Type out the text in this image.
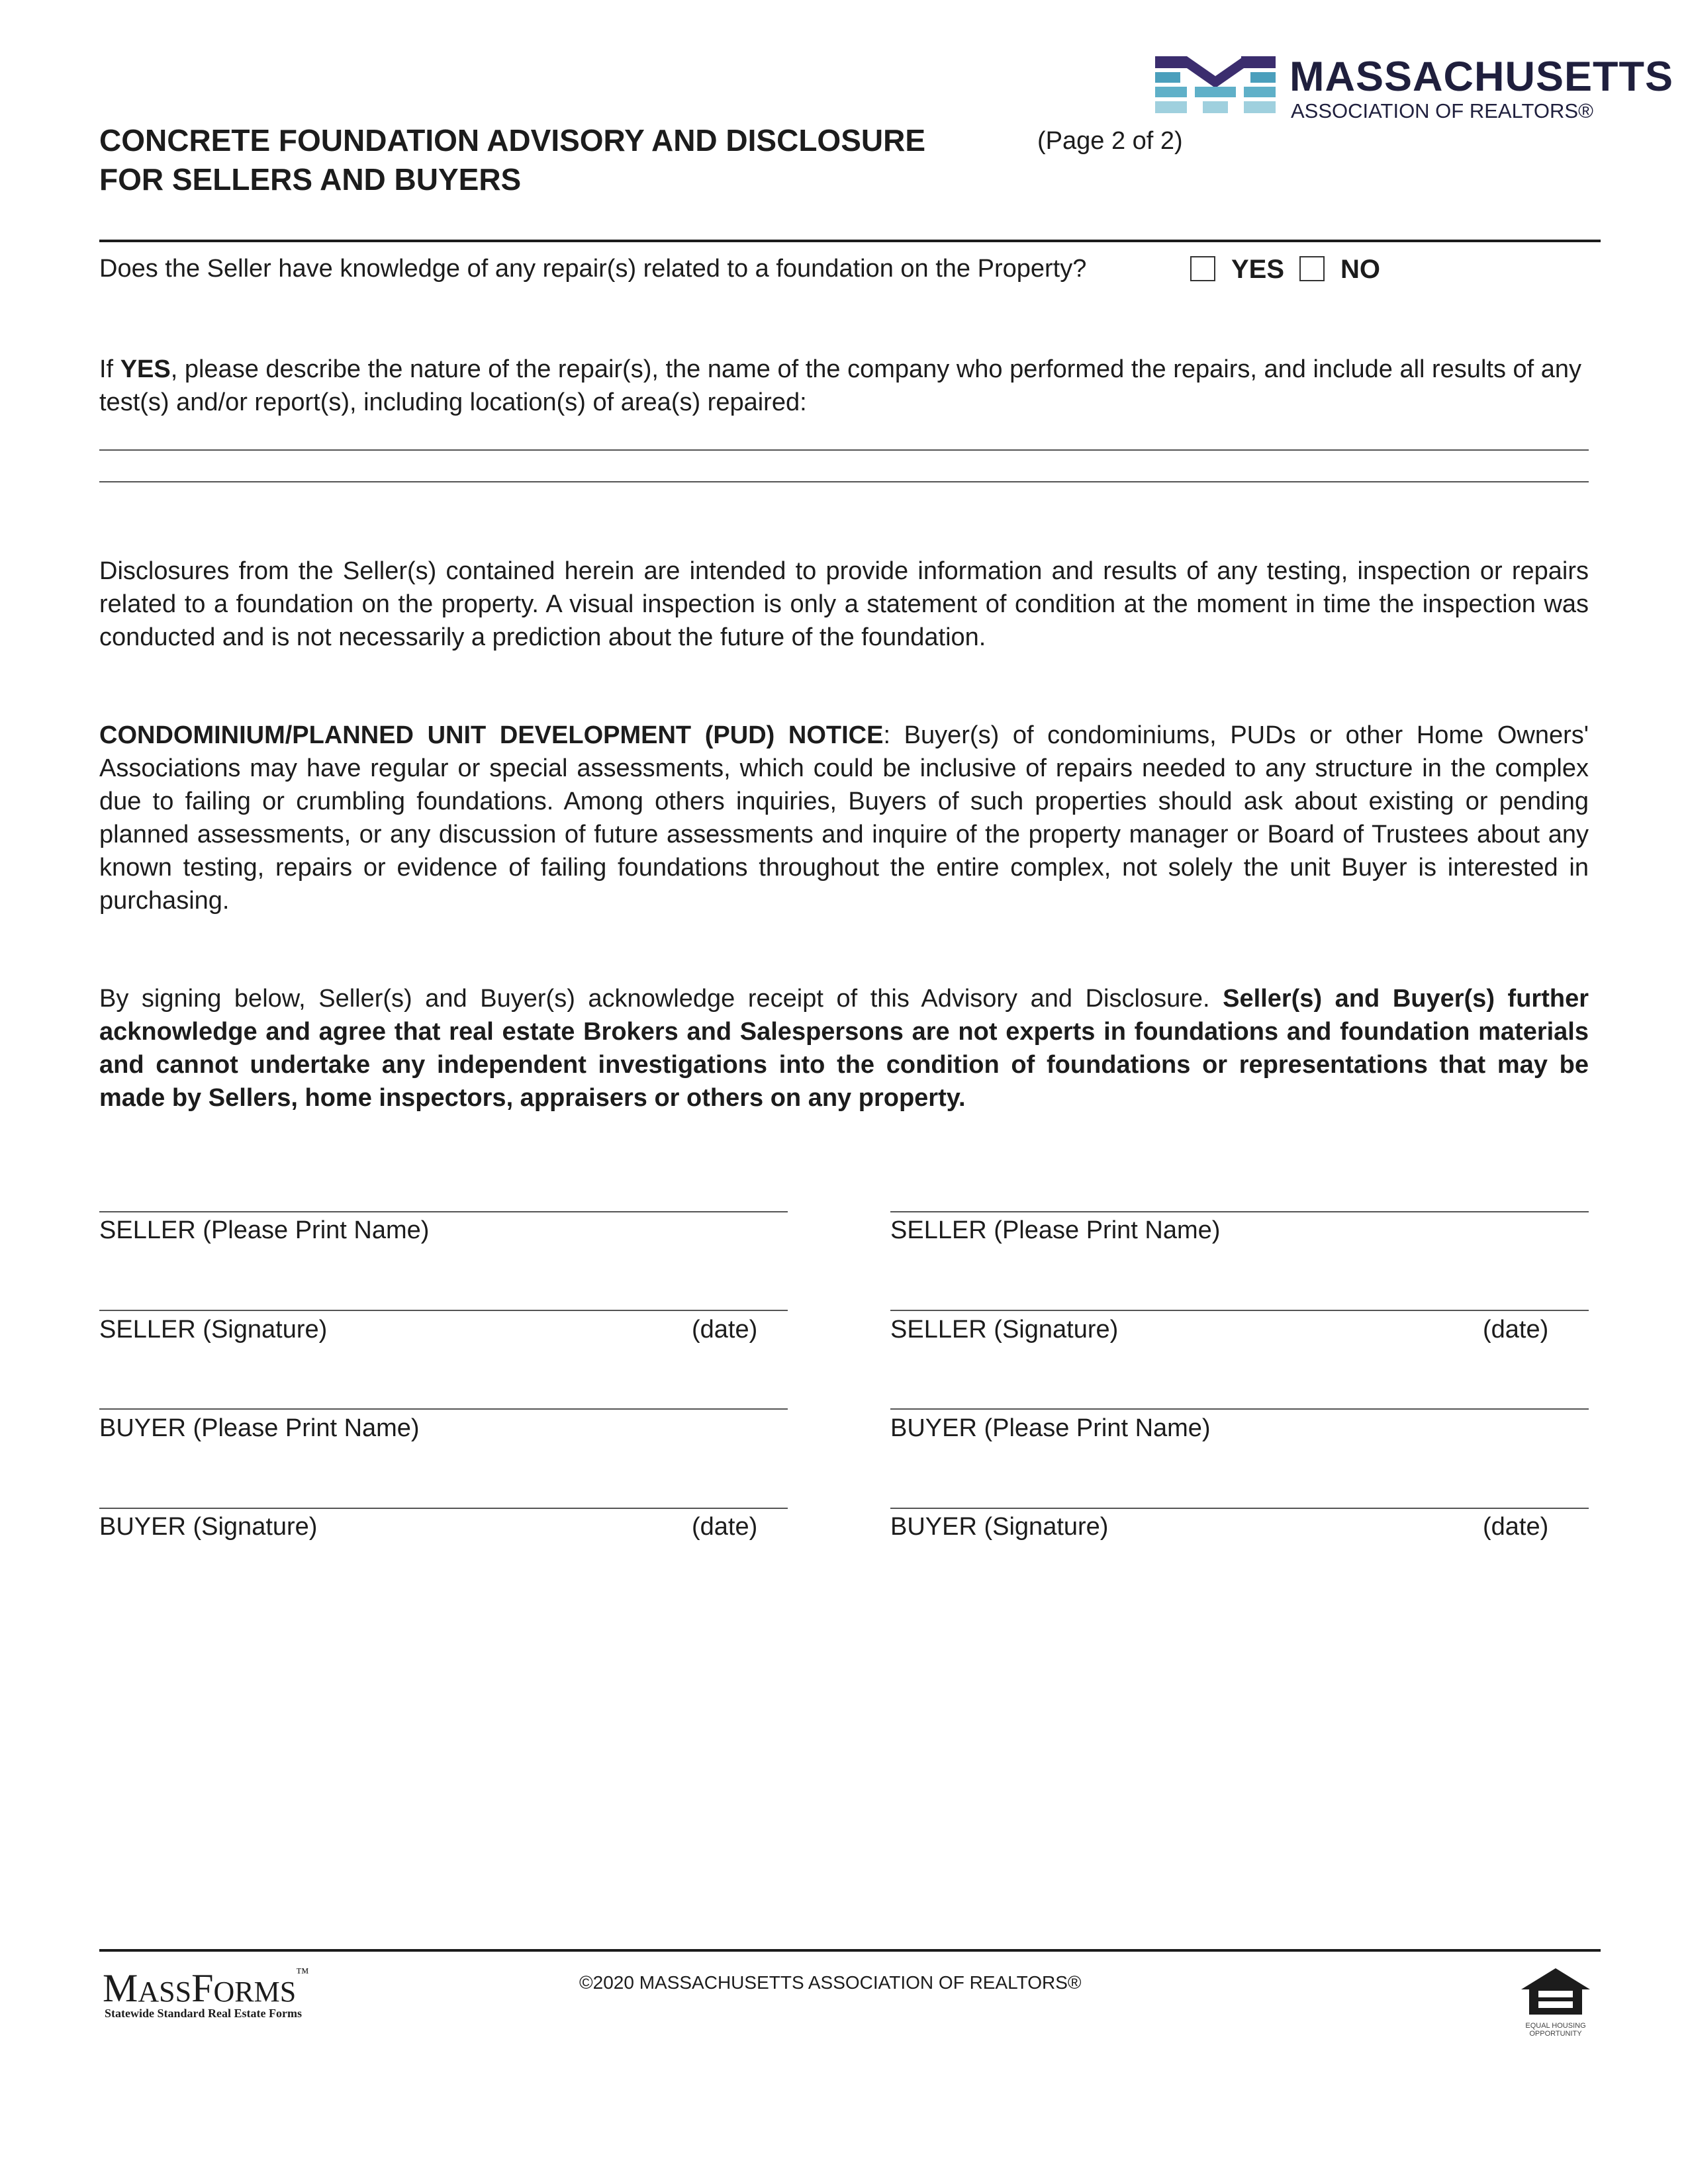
MASSACHUSETTS
ASSOCIATION OF REALTORS®
CONCRETE FOUNDATION ADVISORY AND DISCLOSURE
FOR SELLERS AND BUYERS
(Page 2 of 2)
Does the Seller have knowledge of any repair(s) related to a foundation on the Property?	YES NO
If YES, please describe the nature of the repair(s), the name of the company who performed the repairs, and include all results of any test(s) and/or report(s), including location(s) of area(s) repaired:
Disclosures from the Seller(s) contained herein are intended to provide information and results of any testing, inspection or repairs related to a foundation on the property. A visual inspection is only a statement of condition at the moment in time the inspection was conducted and is not necessarily a prediction about the future of the foundation.
CONDOMINIUM/PLANNED UNIT DEVELOPMENT (PUD) NOTICE: Buyer(s) of condominiums, PUDs or other Home Owners' Associations may have regular or special assessments, which could be inclusive of repairs needed to any structure in the complex due to failing or crumbling foundations. Among others inquiries, Buyers of such properties should ask about existing or pending planned assessments, or any discussion of future assessments and inquire of the property manager or Board of Trustees about any known testing, repairs or evidence of failing foundations throughout the entire complex, not solely the unit Buyer is interested in purchasing.
By signing below, Seller(s) and Buyer(s) acknowledge receipt of this Advisory and Disclosure. Seller(s) and Buyer(s) further acknowledge and agree that real estate Brokers and Salespersons are not experts in foundations and foundation materials and cannot undertake any independent investigations into the condition of foundations or representations that may be made by Sellers, home inspectors, appraisers or others on any property.
SELLER (Please Print Name)
SELLER (Signature)	(date)
BUYER (Please Print Name)
BUYER (Signature)	(date)
SELLER (Please Print Name)
SELLER (Signature)	(date)
BUYER (Please Print Name)
BUYER (Signature)	(date)
MASSFORMS™
Statewide Standard Real Estate Forms
©2020 MASSACHUSETTS ASSOCIATION OF REALTORS®
EQUAL HOUSING OPPORTUNITY
